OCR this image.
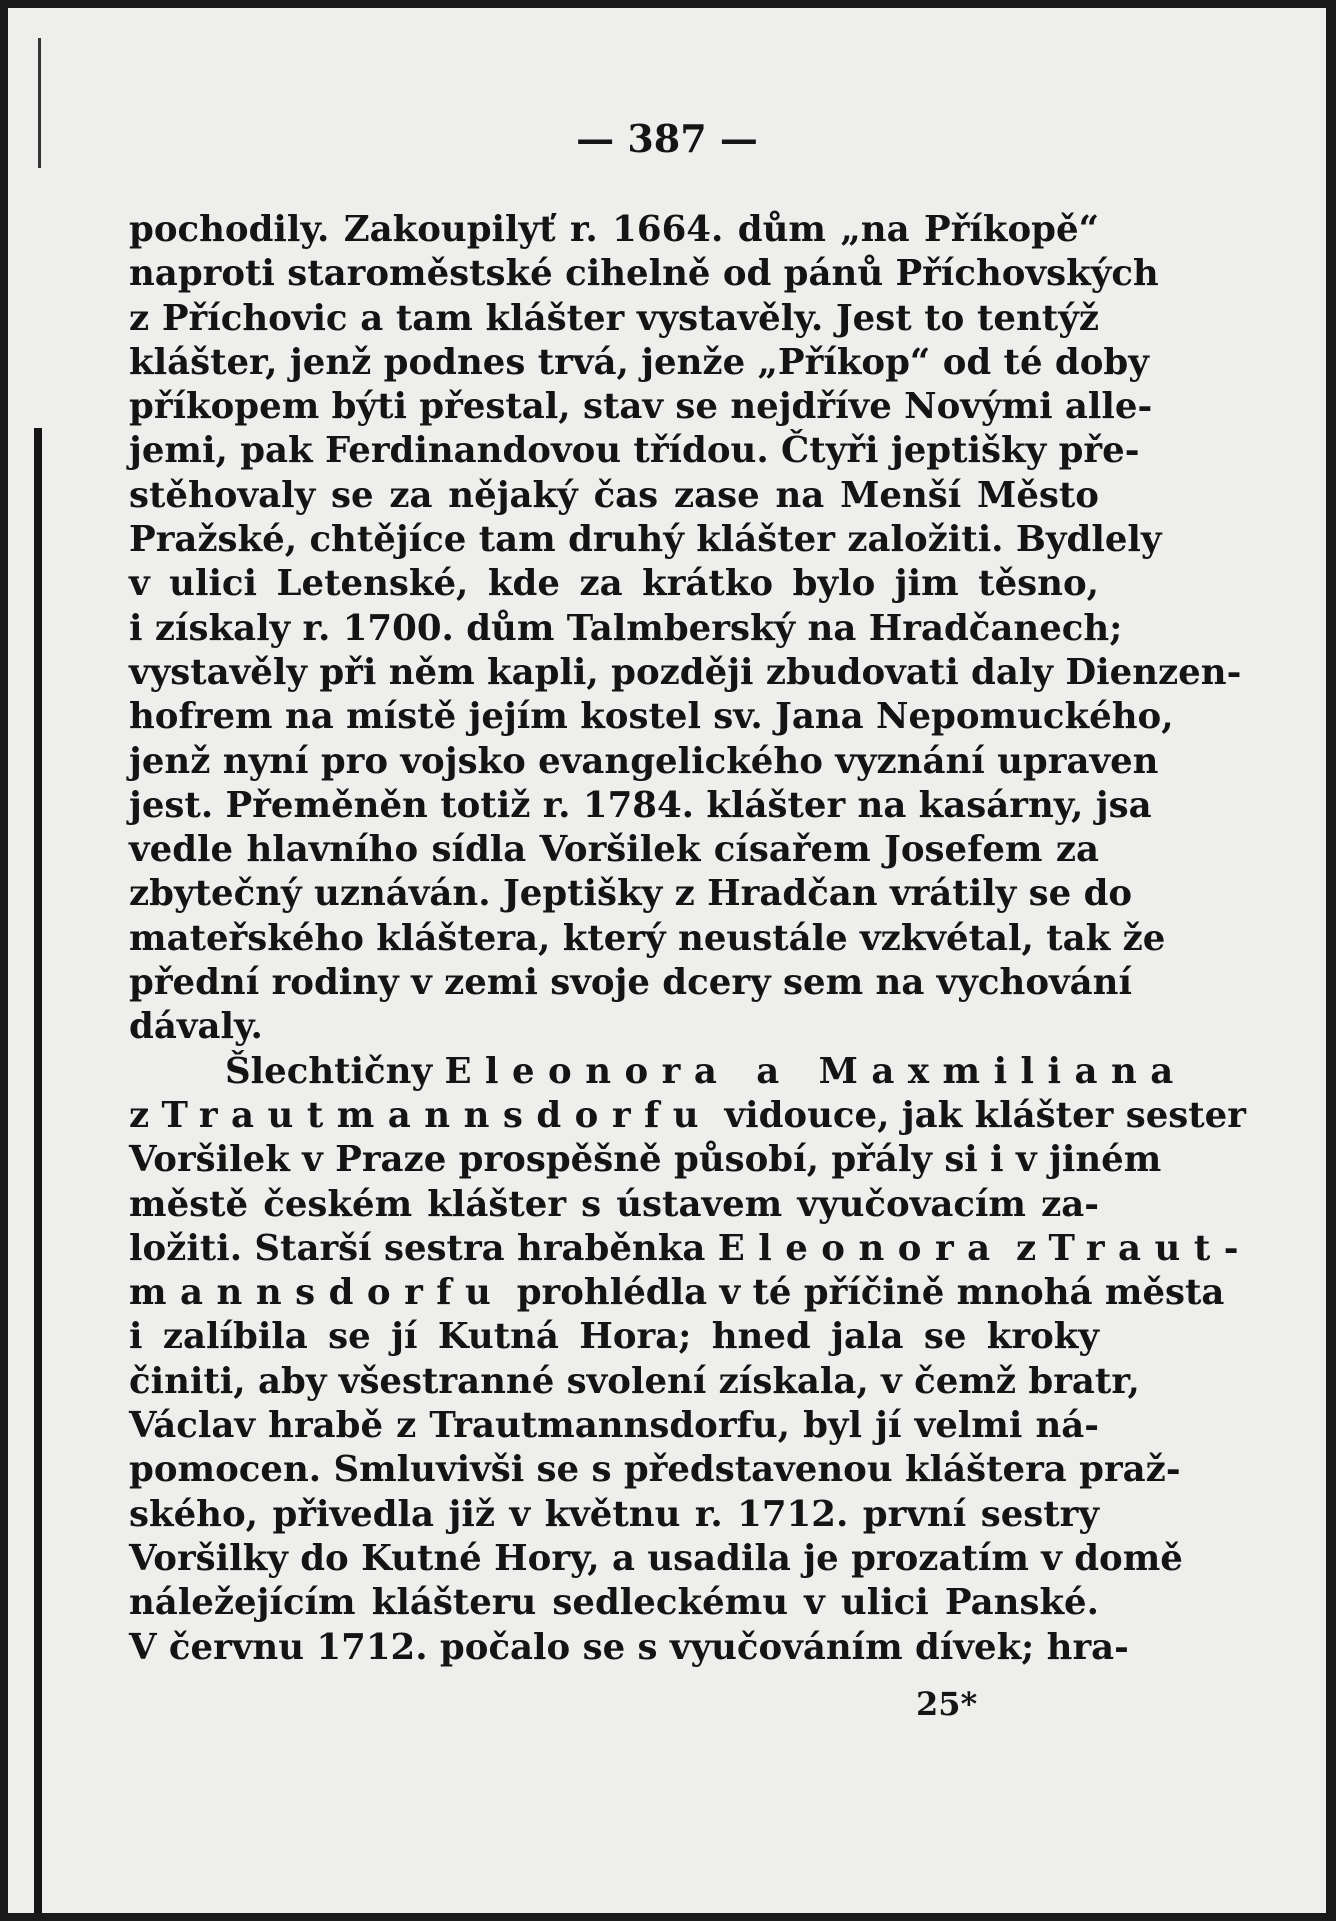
— 387 —

pochodily. Zakoupilyť r. 1664. dům „na Příkopě“
naproti staroměstské cihelně od pánů Příchovských
z Příchovic a tam klášter vystavěly. Jest to tentýž
klášter, jenž podnes trvá, jenže „Příkop“ od té doby
příkopem býti přestal, stav se nejdříve Novými alle-
jemi, pak Ferdinandovou třídou. Čtyři jeptišky pře-
stěhovaly se za nějaký čas zase na Menší Město
Pražské, chtějíce tam druhý klášter založiti. Bydlely
v ulici Letenské, kde za krátko bylo jim těsno,
i získaly r. 1700. dům Talmberský na Hradčanech;
vystavěly při něm kapli, později zbudovati daly Dienzen-
hofrem na místě jejím kostel sv. Jana Nepomuckého,
jenž nyní pro vojsko evangelického vyznání upraven
jest. Přeměněn totiž r. 1784. klášter na kasárny, jsa
vedle hlavního sídla Voršilek císařem Josefem za
zbytečný uznáván. Jeptišky z Hradčan vrátily se do
mateřského kláštera, který neustále vzkvétal, tak že
přední rodiny v zemi svoje dcery sem na vychování
dávaly.
Šlechtičny Eleonora a Maxmiliana
z Trautmannsdorfu vidouce, jak klášter sester
Voršilek v Praze prospěšně působí, přály si i v jiném
městě českém klášter s ústavem vyučovacím za-
ložiti. Starší sestra hraběnka Eleonora z Traut-
mannsdorfu prohlédla v té příčině mnohá města
i zalíbila se jí Kutná Hora; hned jala se kroky
činiti, aby všestranné svolení získala, v čemž bratr,
Václav hrabě z Trautmannsdorfu, byl jí velmi ná-
pomocen. Smluvivši se s představenou kláštera praž-
ského, přivedla již v květnu r. 1712. první sestry
Voršilky do Kutné Hory, a usadila je prozatím v domě
náležejícím klášteru sedleckému v ulici Panské.
V červnu 1712. počalo se s vyučováním dívek; hra-

25*
